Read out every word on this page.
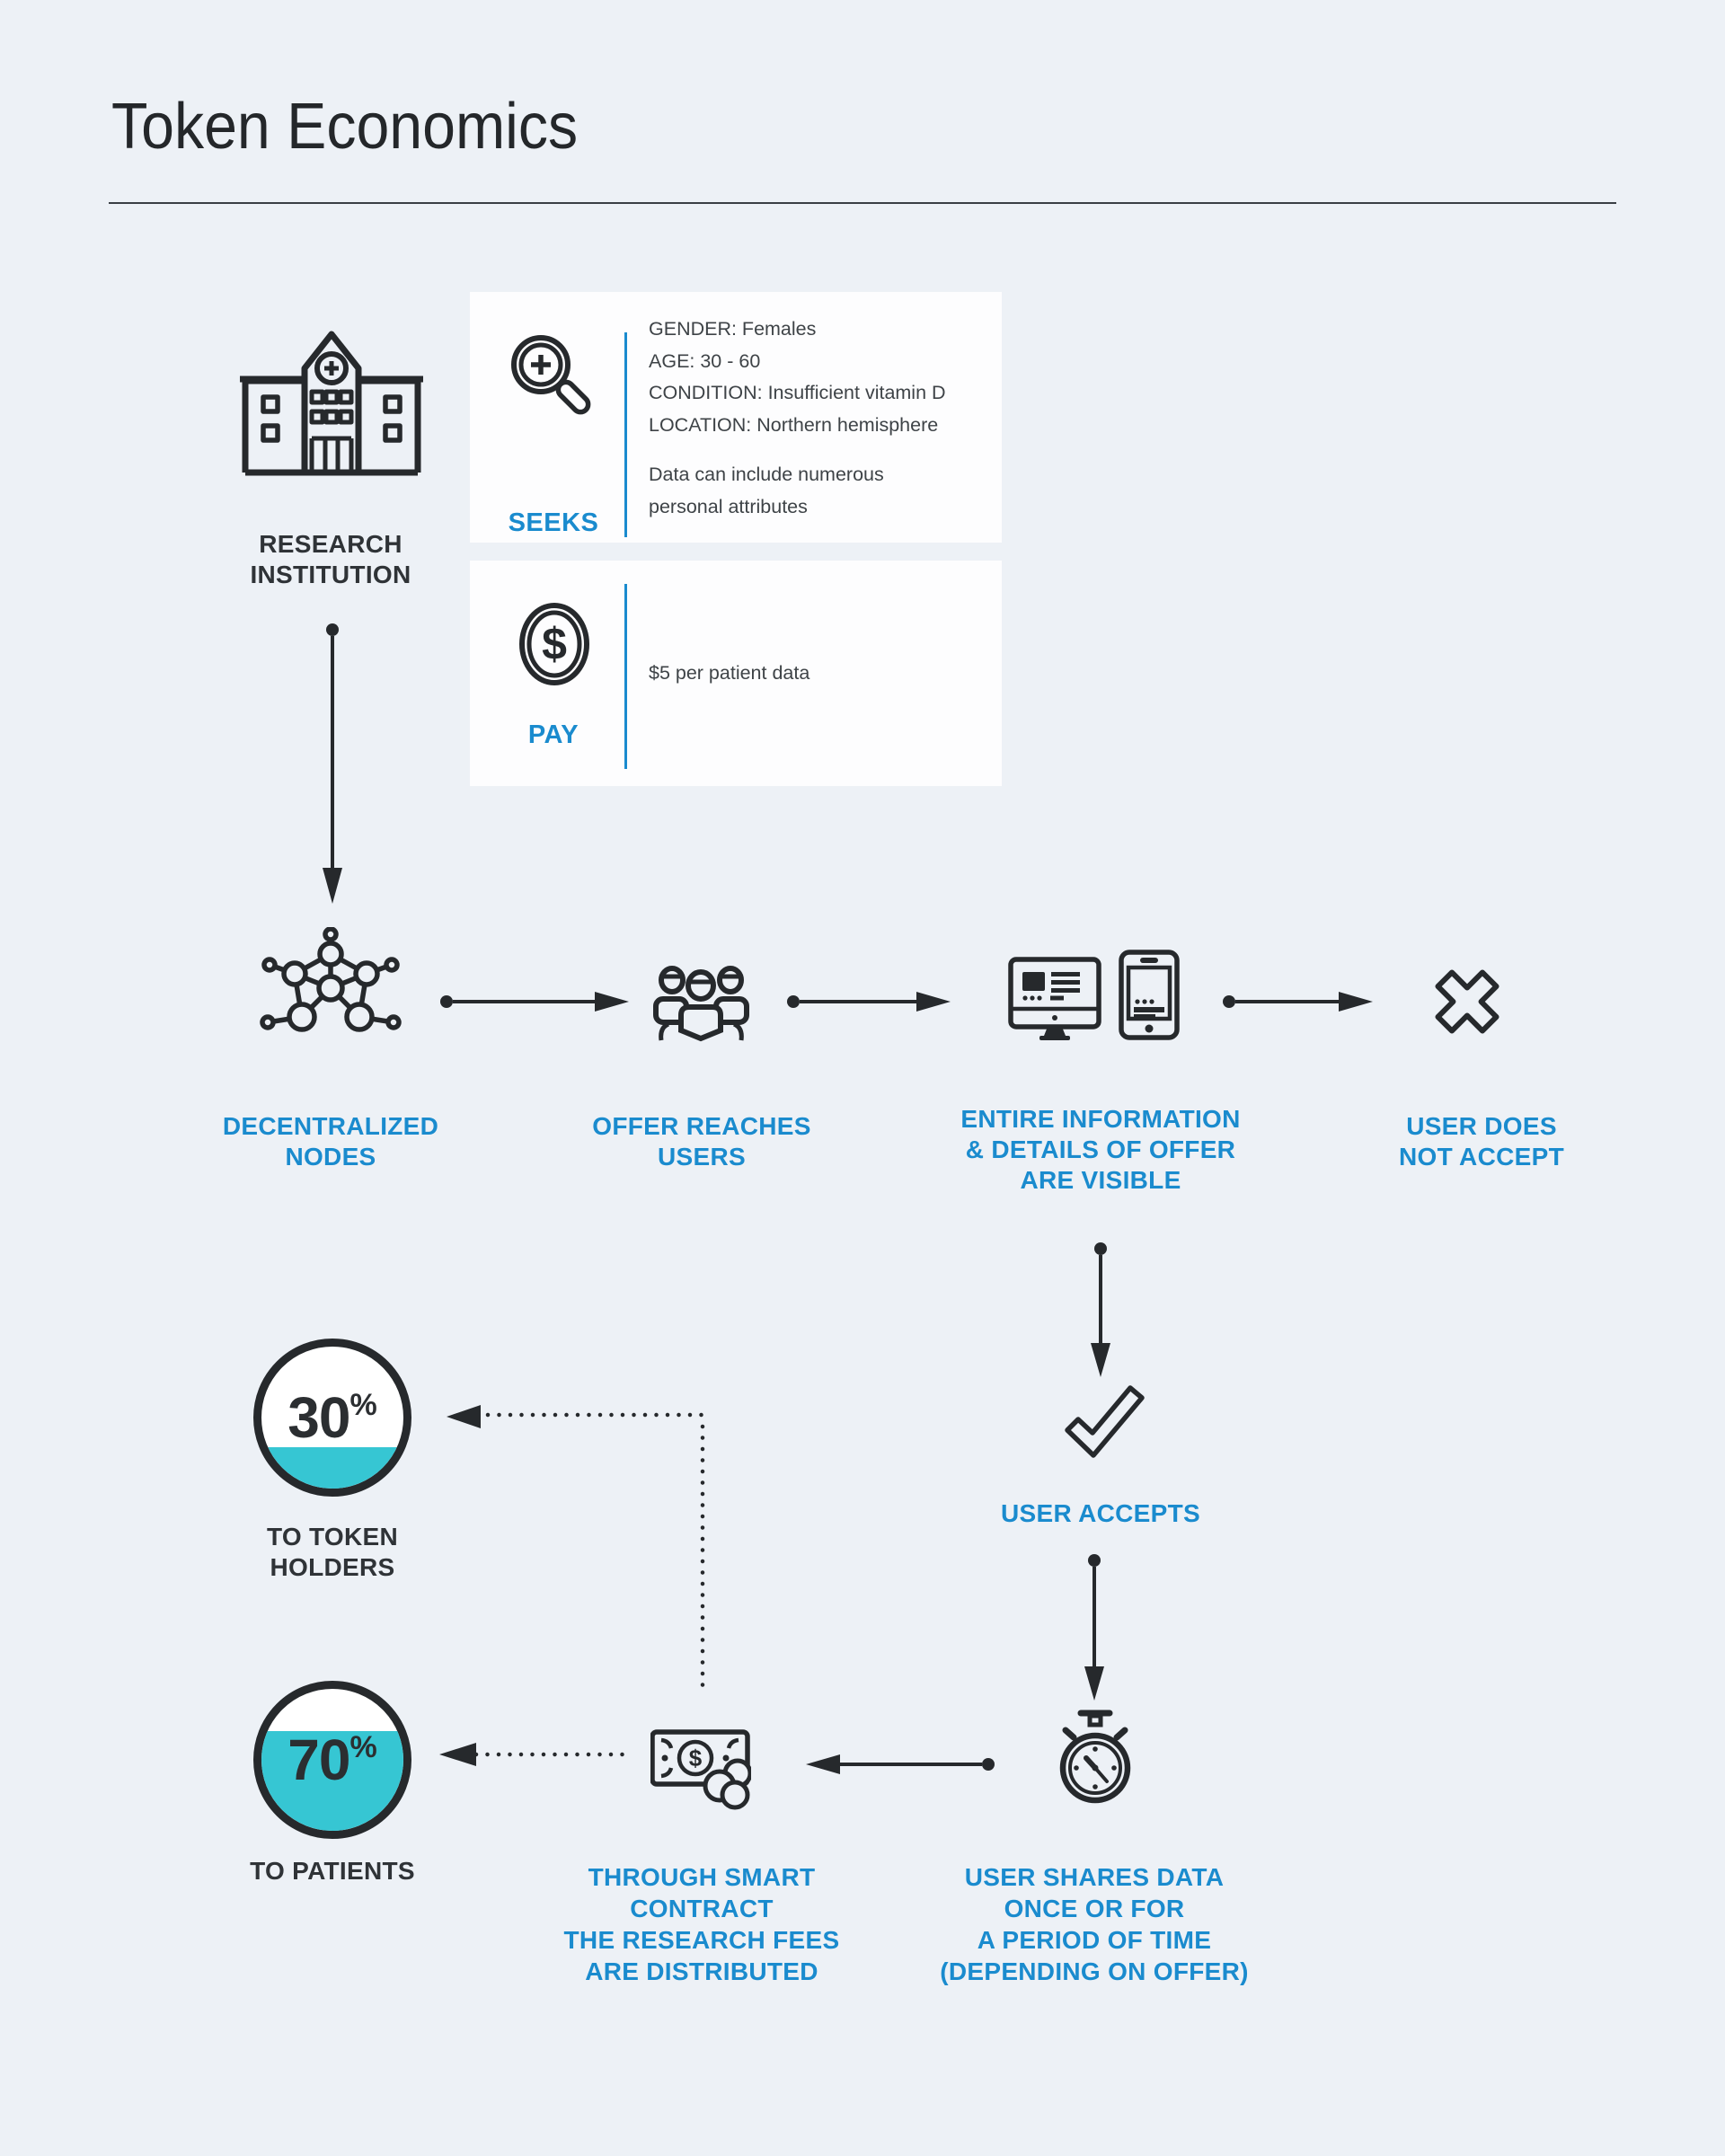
Token Economics
RESEARCH
INSTITUTION
SEEKS
GENDER: Females
AGE: 30 - 60
CONDITION: Insufficient vitamin D
LOCATION: Northern hemisphere
Data can include numerous
personal attributes
$
PAY
$5 per patient data
DECENTRALIZED
NODES
OFFER REACHES
USERS
ENTIRE INFORMATION
& DETAILS OF OFFER
ARE VISIBLE
USER DOES
NOT ACCEPT
USER ACCEPTS
USER SHARES DATA
ONCE OR FOR
A PERIOD OF TIME
(DEPENDING ON OFFER)
$
THROUGH SMART
CONTRACT
THE RESEARCH FEES
ARE DISTRIBUTED
30 %
TO TOKEN
HOLDERS
70 %
TO PATIENTS
